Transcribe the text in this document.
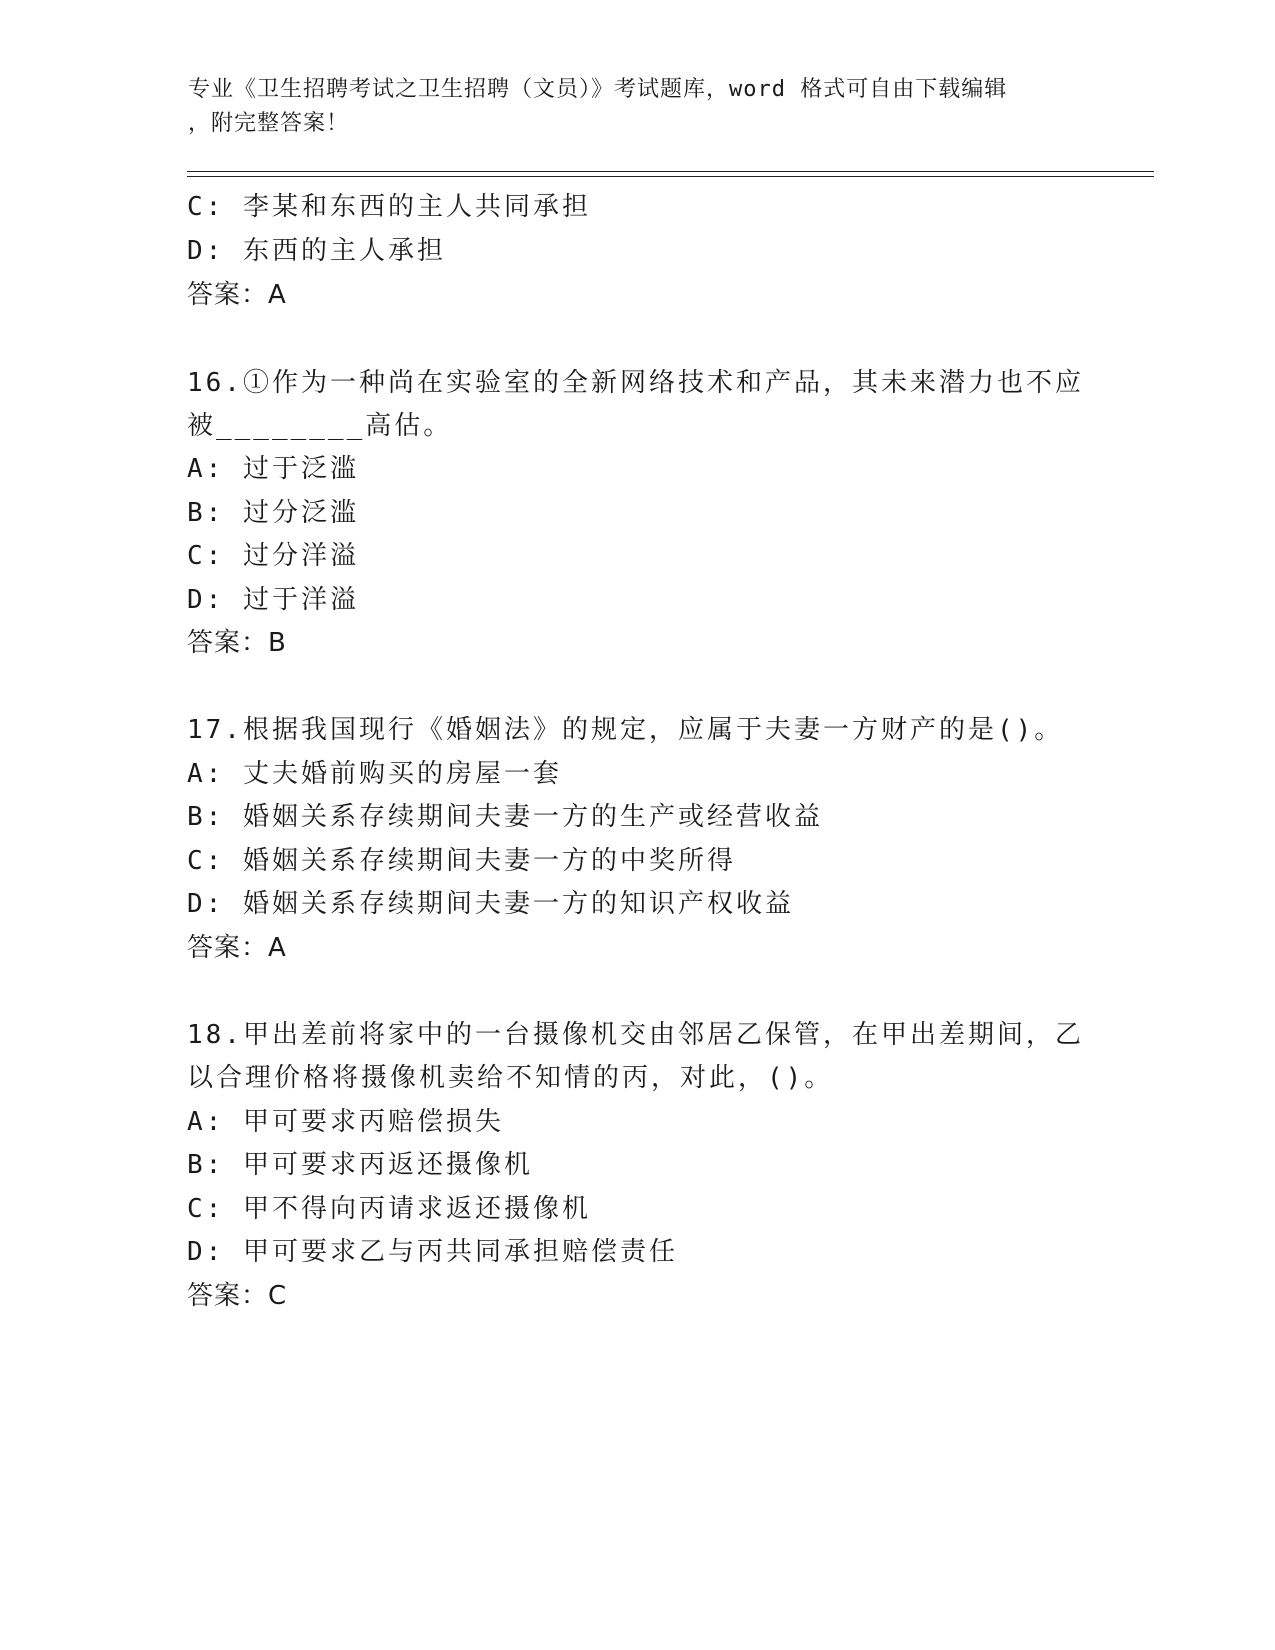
专业《卫生招聘考试之卫生招聘（文员）》考试题库，word 格式可自由下载编辑
，附完整答案！
C: 李某和东西的主人共同承担
D: 东西的主人承担
答案：A
16.①作为一种尚在实验室的全新网络技术和产品，其未来潜力也不应
被________高估。
A: 过于泛滥
B: 过分泛滥
C: 过分洋溢
D: 过于洋溢
答案：B
17.根据我国现行《婚姻法》的规定，应属于夫妻一方财产的是()。
A: 丈夫婚前购买的房屋一套
B: 婚姻关系存续期间夫妻一方的生产或经营收益
C: 婚姻关系存续期间夫妻一方的中奖所得
D: 婚姻关系存续期间夫妻一方的知识产权收益
答案：A
18.甲出差前将家中的一台摄像机交由邻居乙保管，在甲出差期间，乙
以合理价格将摄像机卖给不知情的丙，对此，()。
A: 甲可要求丙赔偿损失
B: 甲可要求丙返还摄像机
C: 甲不得向丙请求返还摄像机
D: 甲可要求乙与丙共同承担赔偿责任
答案：C
